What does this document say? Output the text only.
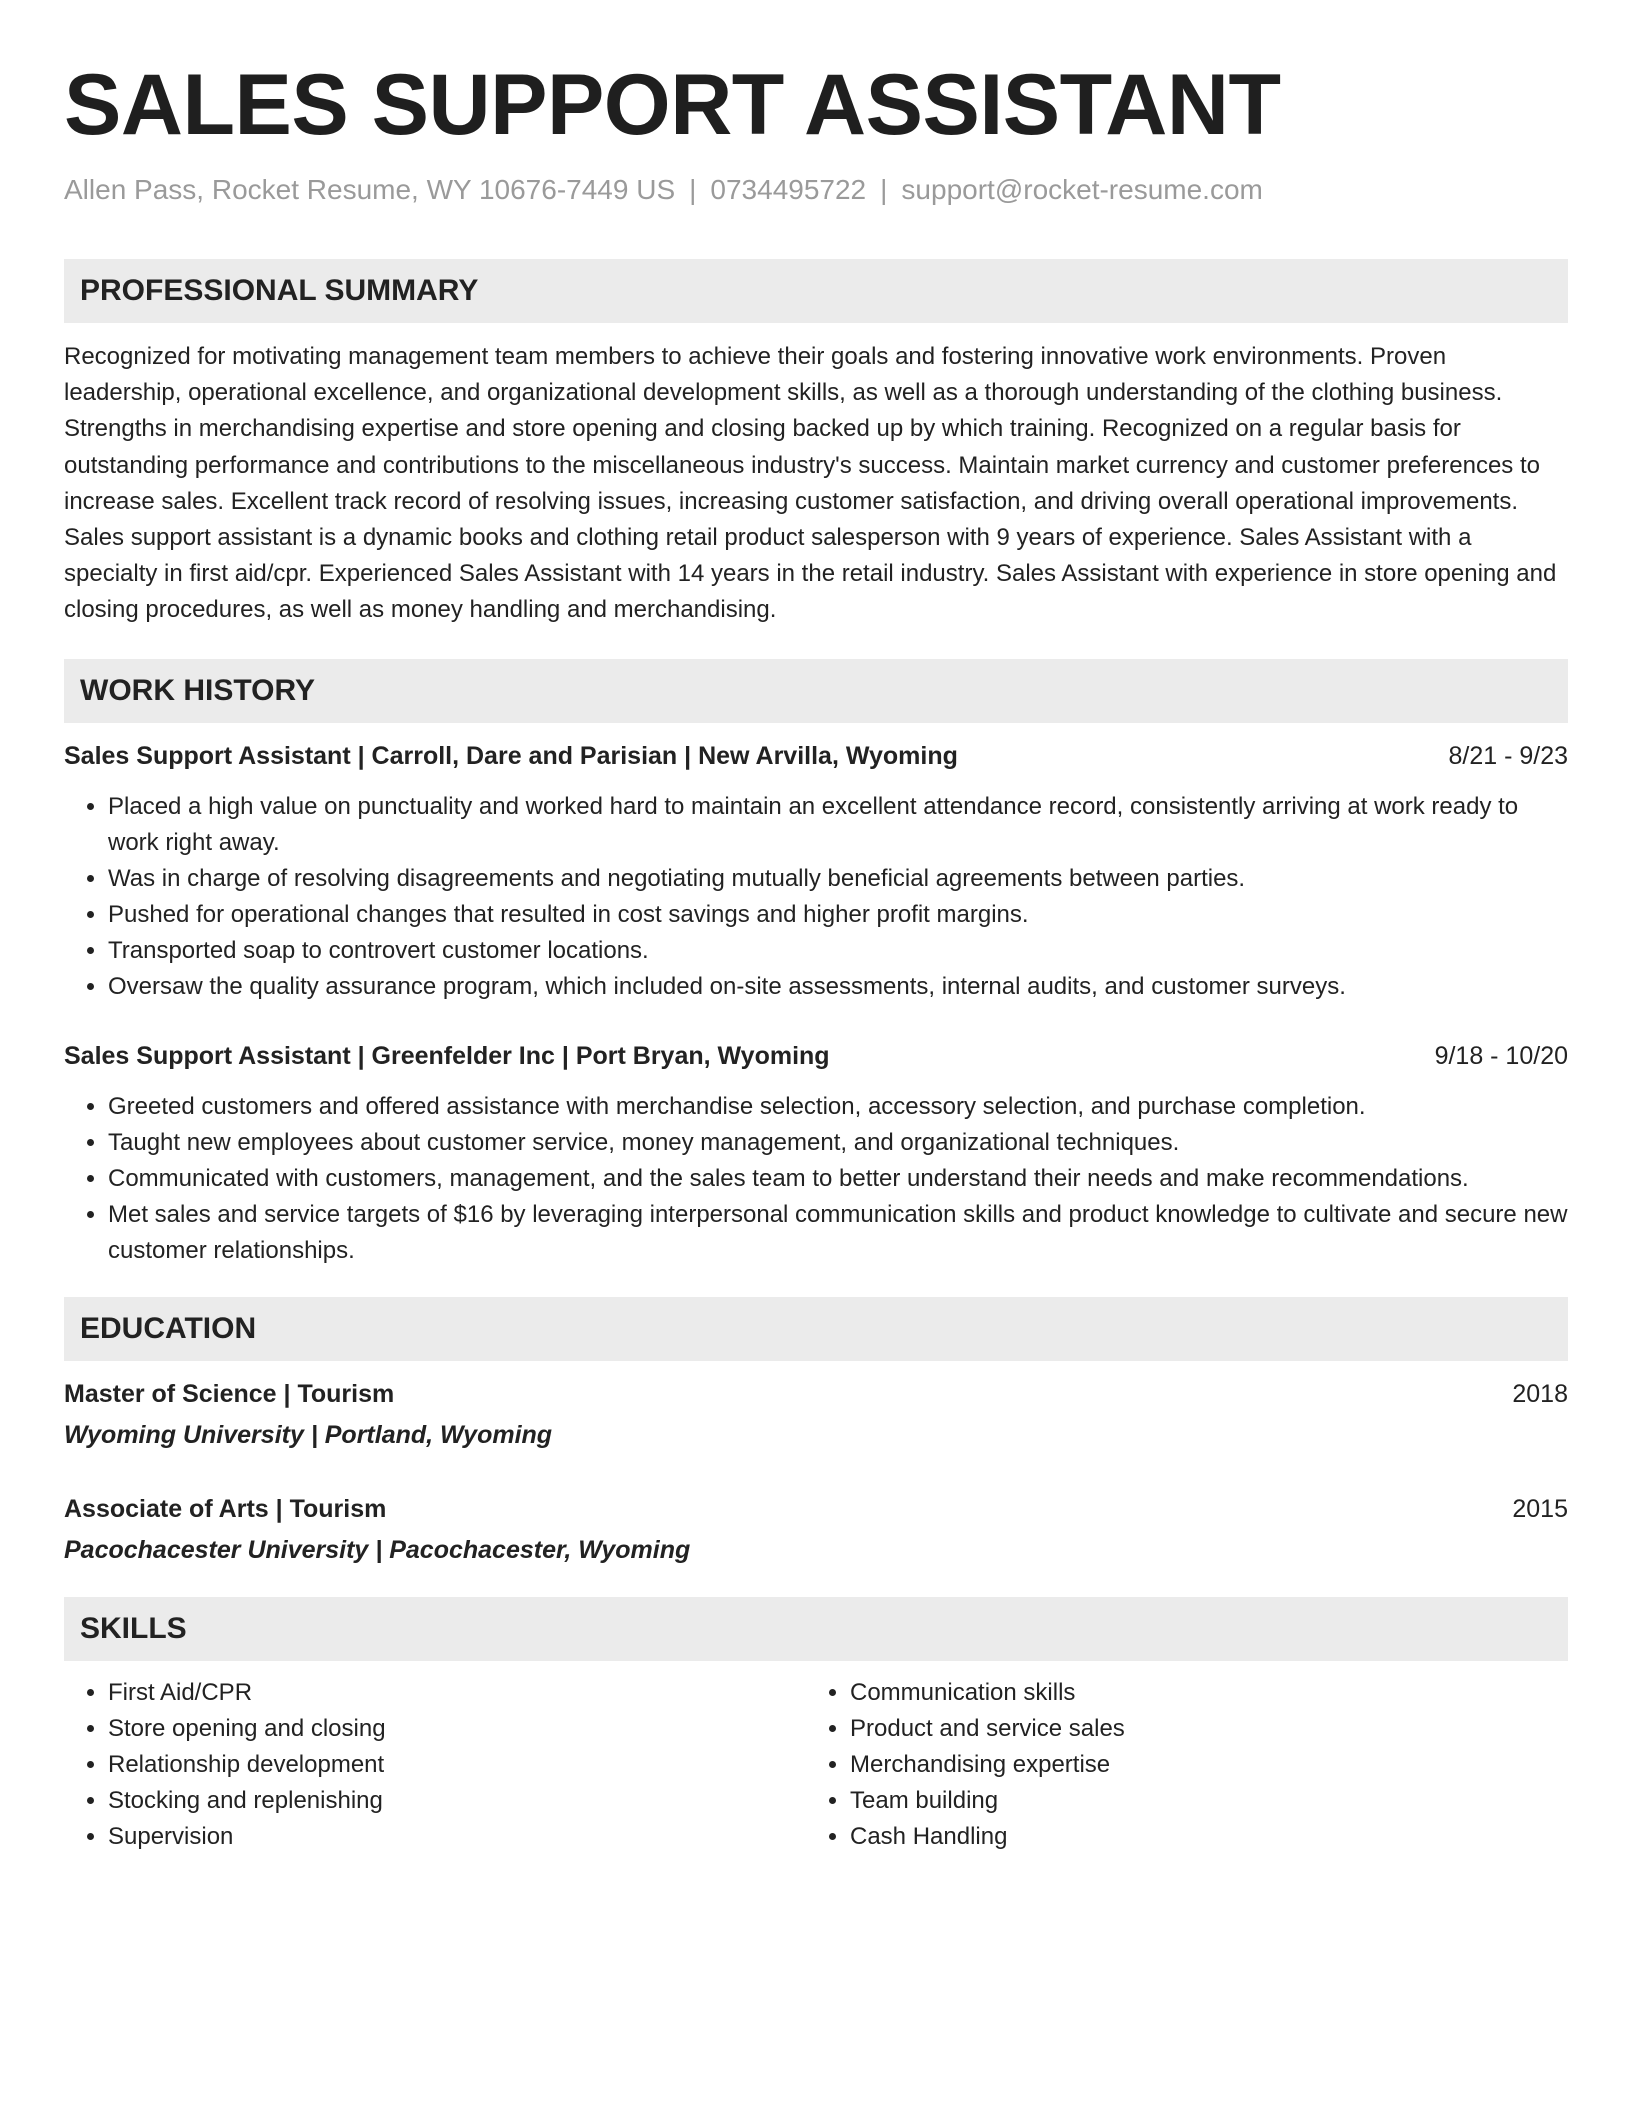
SALES SUPPORT ASSISTANT
Allen Pass, Rocket Resume, WY 10676-7449 US | 0734495722 | support@rocket-resume.com
PROFESSIONAL SUMMARY
Recognized for motivating management team members to achieve their goals and fostering innovative work environments. Proven leadership, operational excellence, and organizational development skills, as well as a thorough understanding of the clothing business. Strengths in merchandising expertise and store opening and closing backed up by which training. Recognized on a regular basis for outstanding performance and contributions to the miscellaneous industry's success. Maintain market currency and customer preferences to increase sales. Excellent track record of resolving issues, increasing customer satisfaction, and driving overall operational improvements. Sales support assistant is a dynamic books and clothing retail product salesperson with 9 years of experience. Sales Assistant with a specialty in first aid/cpr. Experienced Sales Assistant with 14 years in the retail industry. Sales Assistant with experience in store opening and closing procedures, as well as money handling and merchandising.
WORK HISTORY
Sales Support Assistant | Carroll, Dare and Parisian | New Arvilla, Wyoming	8/21 - 9/23
• Placed a high value on punctuality and worked hard to maintain an excellent attendance record, consistently arriving at work ready to work right away.
• Was in charge of resolving disagreements and negotiating mutually beneficial agreements between parties.
• Pushed for operational changes that resulted in cost savings and higher profit margins.
• Transported soap to controvert customer locations.
• Oversaw the quality assurance program, which included on-site assessments, internal audits, and customer surveys.
Sales Support Assistant | Greenfelder Inc | Port Bryan, Wyoming	9/18 - 10/20
• Greeted customers and offered assistance with merchandise selection, accessory selection, and purchase completion.
• Taught new employees about customer service, money management, and organizational techniques.
• Communicated with customers, management, and the sales team to better understand their needs and make recommendations.
• Met sales and service targets of $16 by leveraging interpersonal communication skills and product knowledge to cultivate and secure new customer relationships.
EDUCATION
Master of Science | Tourism	2018
Wyoming University | Portland, Wyoming
Associate of Arts | Tourism	2015
Pacochacester University | Pacochacester, Wyoming
SKILLS
• First Aid/CPR
• Store opening and closing
• Relationship development
• Stocking and replenishing
• Supervision
• Communication skills
• Product and service sales
• Merchandising expertise
• Team building
• Cash Handling
